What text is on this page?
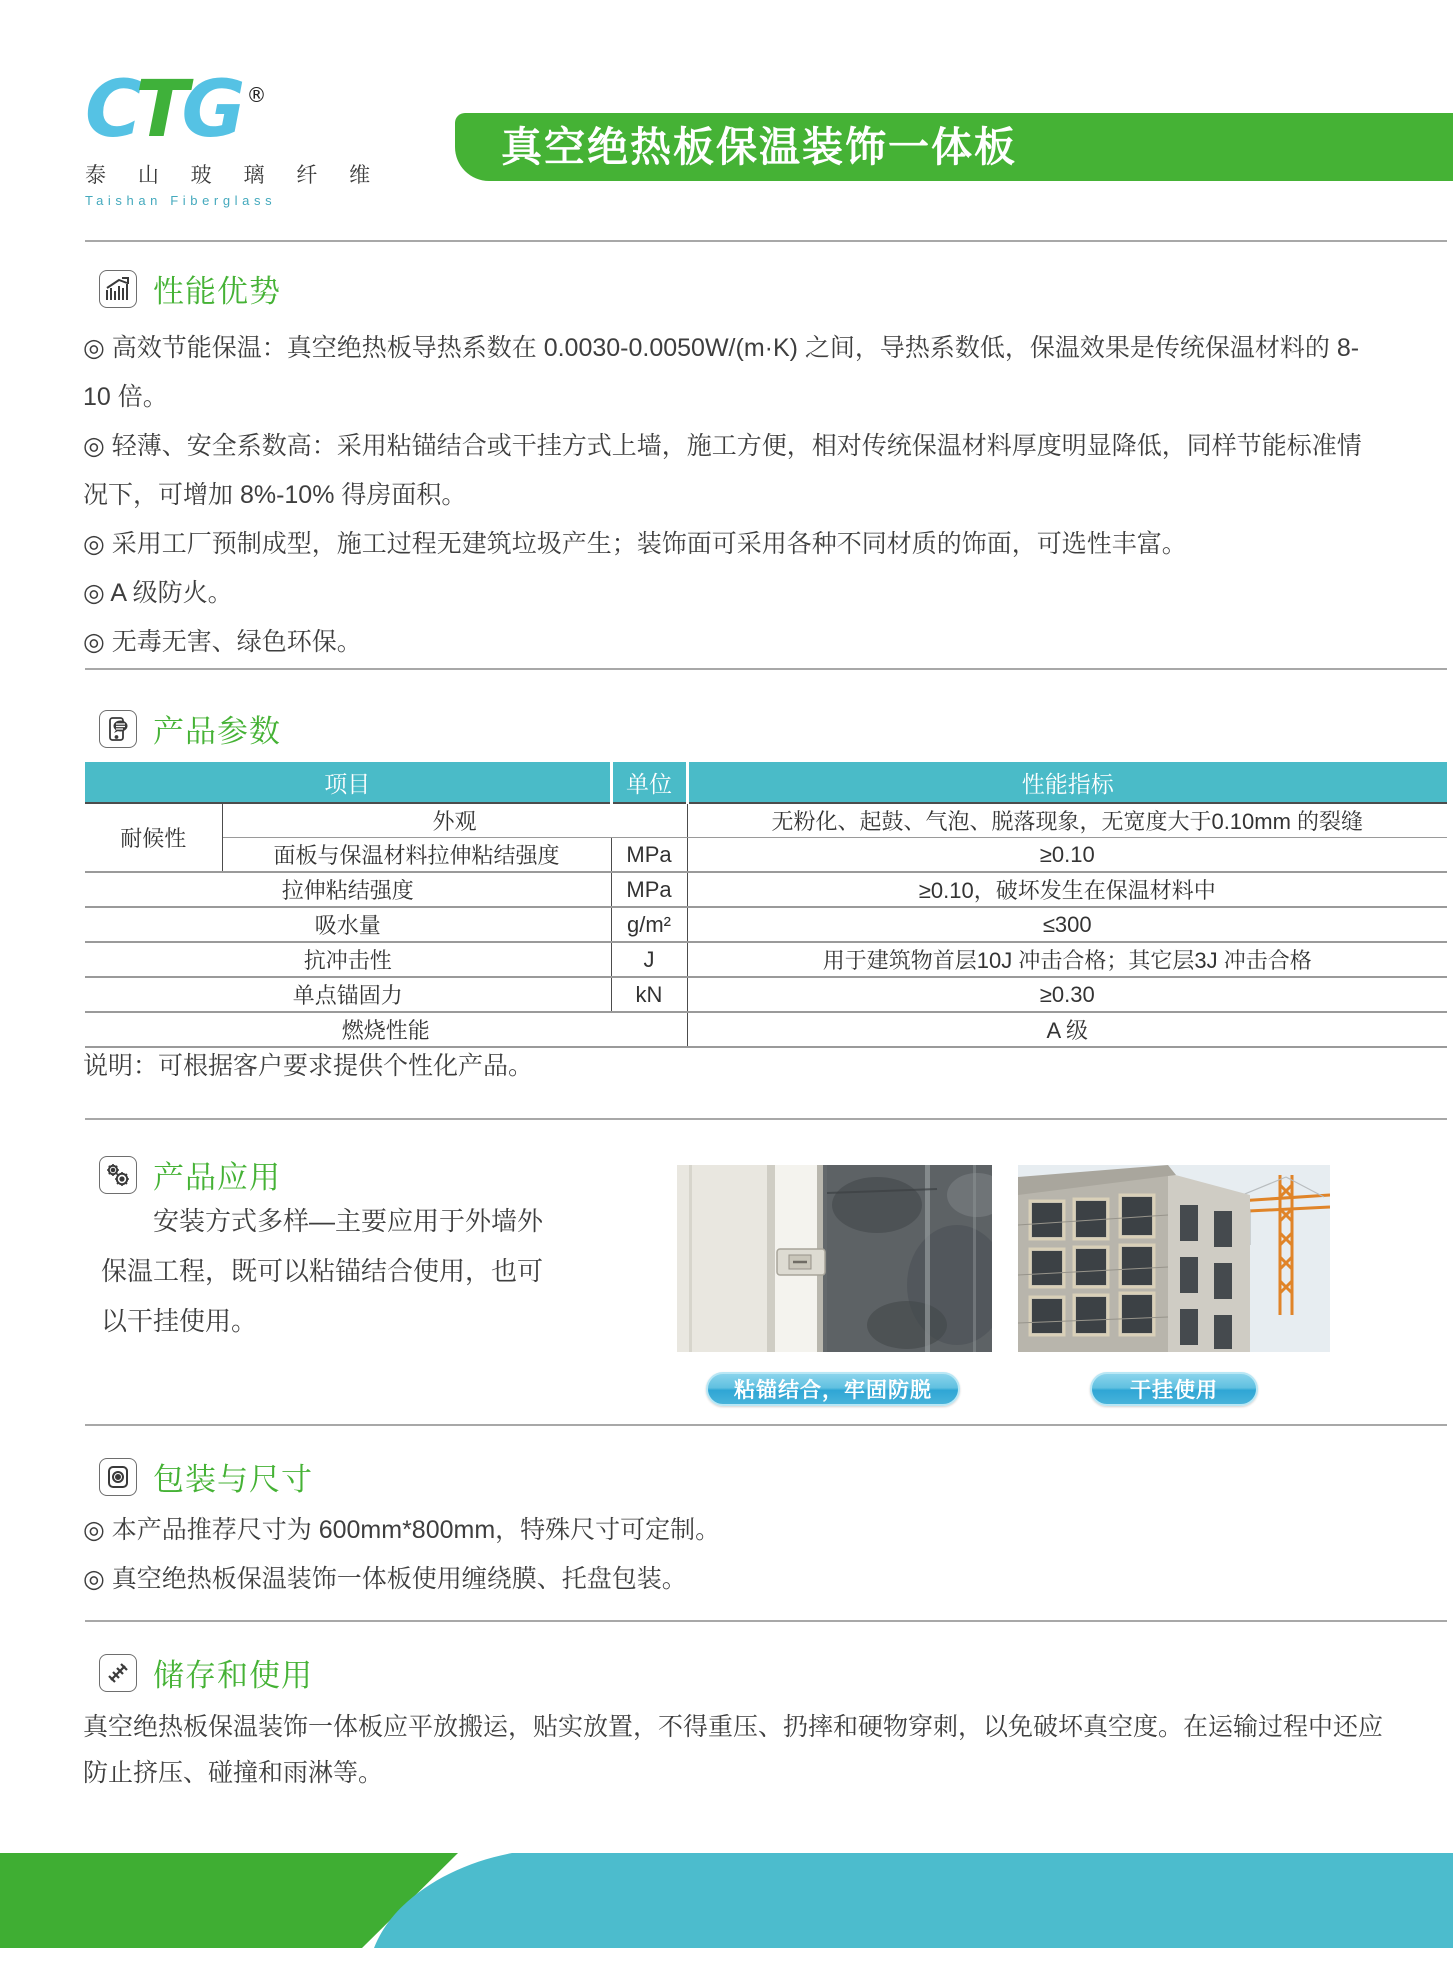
CTG ®
泰 山 玻 璃 纤 维
Taishan Fiberglass
真空绝热板保温装饰一体板
性能优势

◎ 高效节能保温：真空绝热板导热系数在 0.0030-0.0050W/(m·K) 之间，导热系数低，保温效果是传统保温材料的 8-10 倍。

◎ 轻薄、安全系数高：采用粘锚结合或干挂方式上墙，施工方便，相对传统保温材料厚度明显降低，同样节能标准情况下，可增加 8%-10% 得房面积。

◎ 采用工厂预制成型，施工过程无建筑垃圾产生；装饰面可采用各种不同材质的饰面，可选性丰富。

◎ A 级防火。

◎ 无毒无害、绿色环保。

产品参数
项目		单位	性能指标
耐候性	外观		无粉化、起鼓、气泡、脱落现象，无宽度大于0.10mm 的裂缝
	面板与保温材料拉伸粘结强度	MPa	≥0.10
拉伸粘结强度		MPa	≥0.10，破坏发生在保温材料中
吸水量		g/m²	≤300
抗冲击性		J	用于建筑物首层10J 冲击合格；其它层3J 冲击合格
单点锚固力		kN	≥0.30
燃烧性能			A 级
说明：可根据客户要求提供个性化产品。
产品应用

安装方式多样—主要应用于外墙外保温工程，既可以粘锚结合使用，也可以干挂使用。

粘锚结合，牢固防脱	干挂使用
包装与尺寸

◎ 本产品推荐尺寸为 600mm*800mm，特殊尺寸可定制。

◎ 真空绝热板保温装饰一体板使用缠绕膜、托盘包装。

储存和使用

真空绝热板保温装饰一体板应平放搬运，贴实放置，不得重压、扔摔和硬物穿刺，以免破坏真空度。在运输过程中还应防止挤压、碰撞和雨淋等。
